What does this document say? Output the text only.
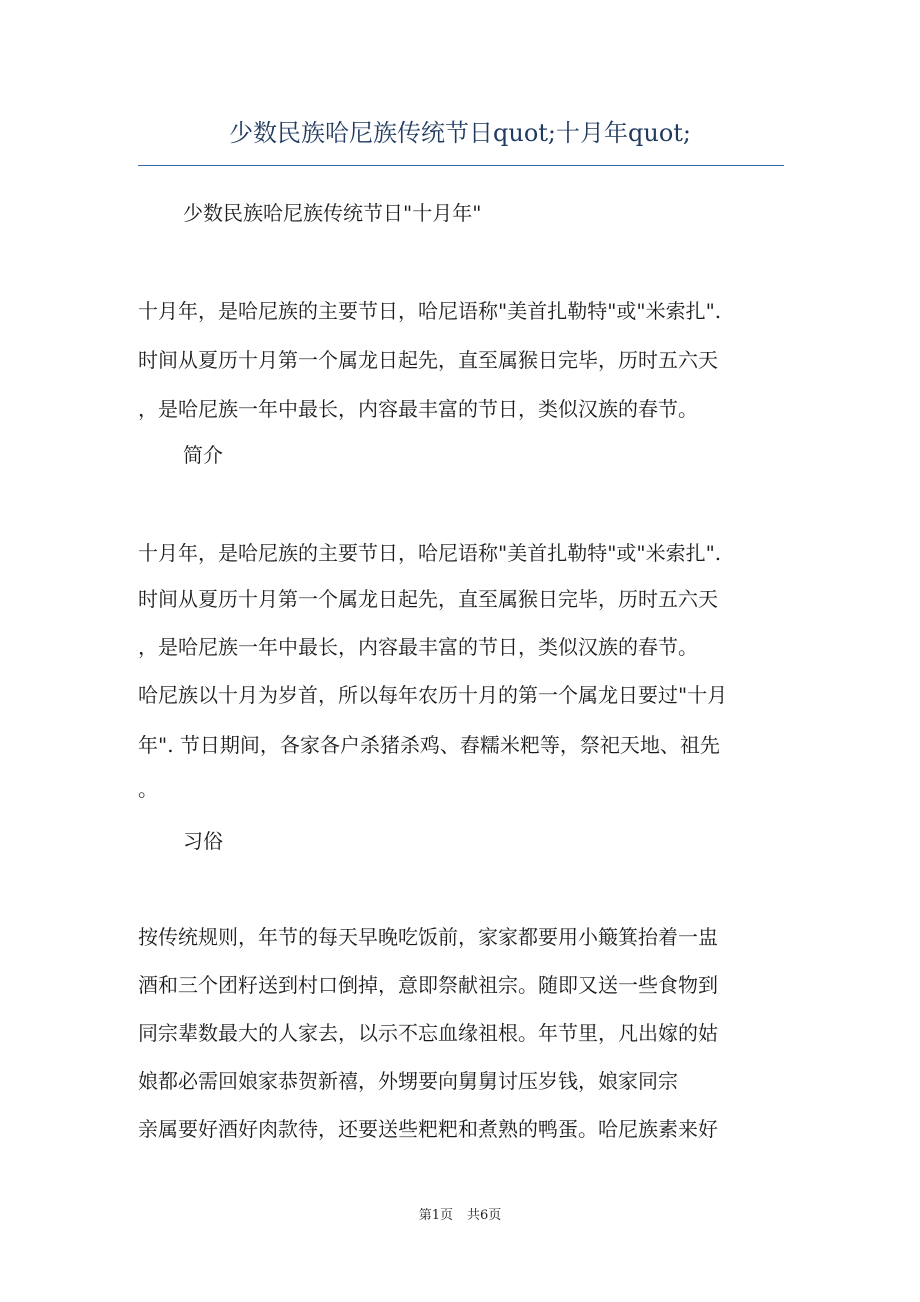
少数民族哈尼族传统节日quot;十月年quot;
少数民族哈尼族传统节日"十月年"
十月年，是哈尼族的主要节日，哈尼语称"美首扎勒特"或"米索扎".
时间从夏历十月第一个属龙日起先，直至属猴日完毕，历时五六天
，是哈尼族一年中最长，内容最丰富的节日，类似汉族的春节。
简介
十月年，是哈尼族的主要节日，哈尼语称"美首扎勒特"或"米索扎".
时间从夏历十月第一个属龙日起先，直至属猴日完毕，历时五六天
，是哈尼族一年中最长，内容最丰富的节日，类似汉族的春节。
哈尼族以十月为岁首，所以每年农历十月的第一个属龙日要过"十月
年". 节日期间，各家各户杀猪杀鸡、舂糯米粑等，祭祀天地、祖先
。
习俗
按传统规则，年节的每天早晚吃饭前，家家都要用小簸箕抬着一盅
酒和三个团籽送到村口倒掉，意即祭献祖宗。随即又送一些食物到
同宗辈数最大的人家去，以示不忘血缘祖根。年节里，凡出嫁的姑
娘都必需回娘家恭贺新禧，外甥要向舅舅讨压岁钱，娘家同宗
亲属要好酒好肉款待，还要送些粑粑和煮熟的鸭蛋。哈尼族素来好
第1页 共6页
